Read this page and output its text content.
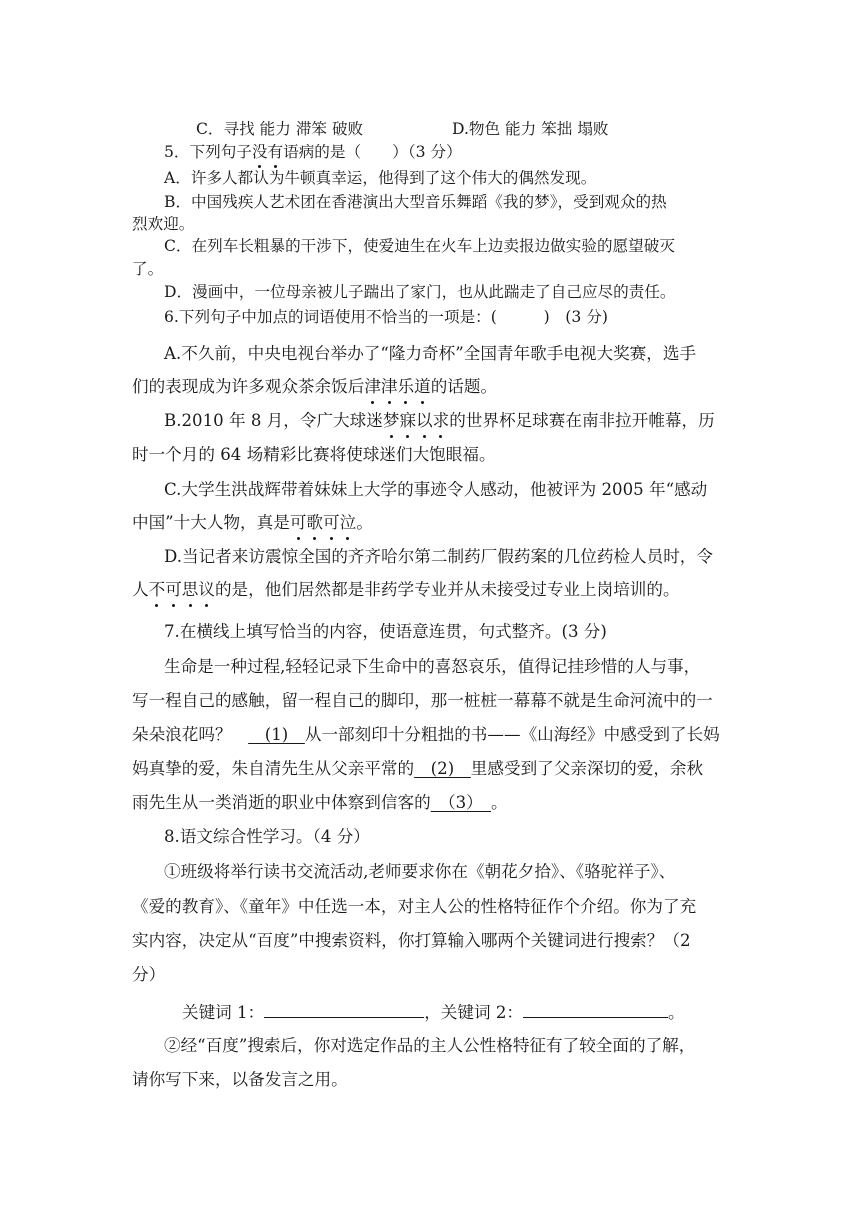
C．寻找 能力 滞笨 破败	D.物色 能力 笨拙 塌败
5．下列句子没有语病的是（　　）（3 分）
A．许多人都认为牛顿真幸运，他得到了这个伟大的偶然发现。
B．中国残疾人艺术团在香港演出大型音乐舞蹈《我的梦》，受到观众的热
烈欢迎。
C．在列车长粗暴的干涉下，使爱迪生在火车上边卖报边做实验的愿望破灭
了。
D．漫画中，一位母亲被儿子踹出了家门，也从此踹走了自己应尽的责任。
6.下列句子中加点的词语使用不恰当的一项是：(　　　)　(3 分)
A.不久前，中央电视台举办了“隆力奇杯”全国青年歌手电视大奖赛，选手
们的表现成为许多观众茶余饭后津津乐道的话题。
B.2010 年 8 月，令广大球迷梦寐以求的世界杯足球赛在南非拉开帷幕，历
时一个月的 64 场精彩比赛将使球迷们大饱眼福。
C.大学生洪战辉带着妹妹上大学的事迹令人感动，他被评为 2005 年“感动
中国”十大人物，真是可歌可泣。
D.当记者来访震惊全国的齐齐哈尔第二制药厂假药案的几位药检人员时，令
人不可思议的是，他们居然都是非药学专业并从未接受过专业上岗培训的。
7.在横线上填写恰当的内容，使语意连贯，句式整齐。(3 分)
生命是一种过程,轻轻记录下生命中的喜怒哀乐，值得记挂珍惜的人与事，
写一程自己的感触，留一程自己的脚印，那一桩桩一幕幕不就是生命河流中的一
朵朵浪花吗？　　(1)　从一部刻印十分粗拙的书——《山海经》中感受到了长妈
妈真挚的爱，朱自清先生从父亲平常的　(2)　里感受到了父亲深切的爱，余秋
雨先生从一类消逝的职业中体察到信客的　（3）　。
8.语文综合性学习。（4 分）
①班级将举行读书交流活动,老师要求你在《朝花夕拾》、《骆驼祥子》、
《爱的教育》、《童年》中任选一本，对主人公的性格特征作个介绍。你为了充
实内容，决定从“百度”中搜索资料，你打算输入哪两个关键词进行搜索？（2
分）
关键词 1：	，关键词 2：	。
②经“百度”搜索后，你对选定作品的主人公性格特征有了较全面的了解，
请你写下来，以备发言之用。
